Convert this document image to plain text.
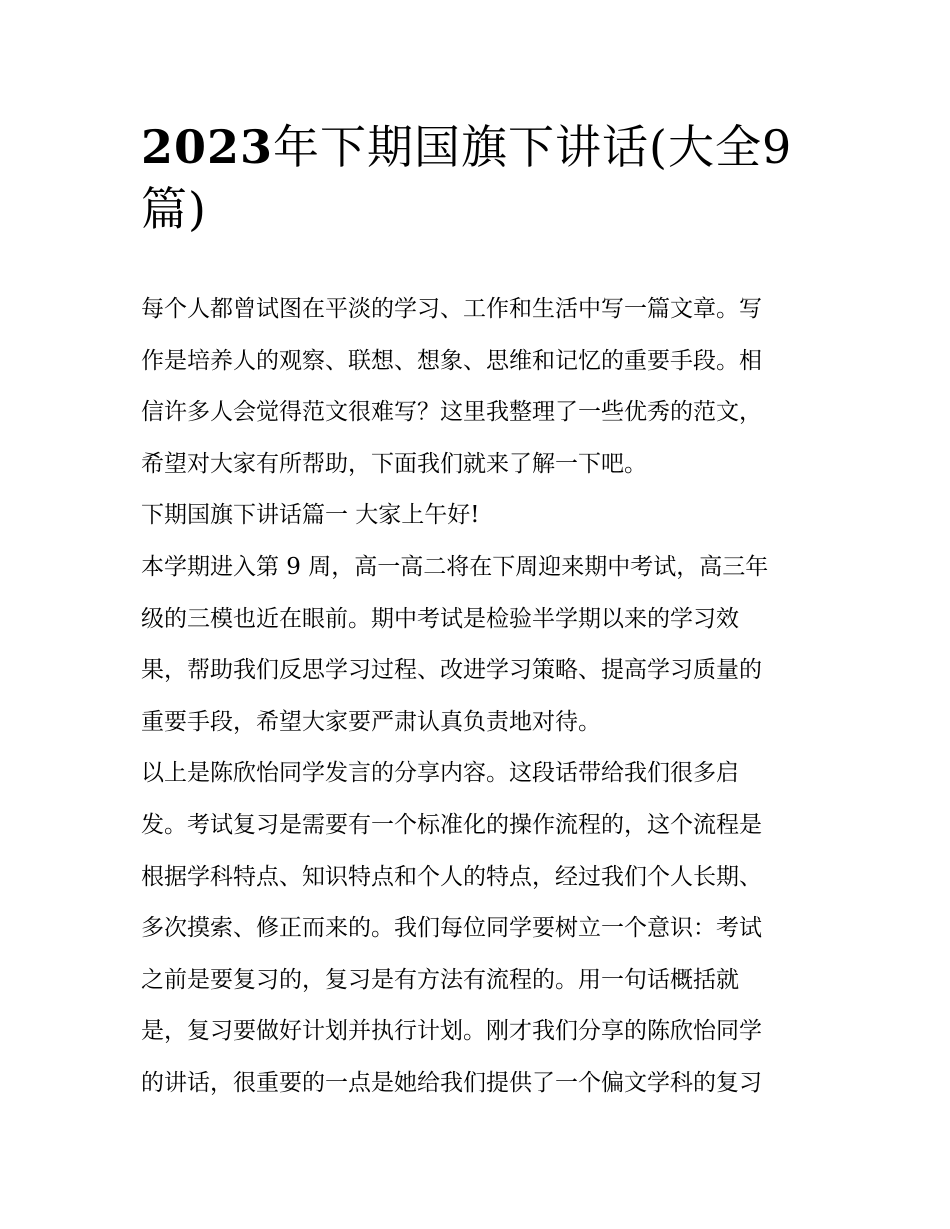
2023年下期国旗下讲话(大全9篇)
每个人都曾试图在平淡的学习、工作和生活中写一篇文章。写
作是培养人的观察、联想、想象、思维和记忆的重要手段。相
信许多人会觉得范文很难写？这里我整理了一些优秀的范文，
希望对大家有所帮助，下面我们就来了解一下吧。
下期国旗下讲话篇一 大家上午好!
本学期进入第 9 周，高一高二将在下周迎来期中考试，高三年
级的三模也近在眼前。期中考试是检验半学期以来的学习效
果，帮助我们反思学习过程、改进学习策略、提高学习质量的
重要手段，希望大家要严肃认真负责地对待。
以上是陈欣怡同学发言的分享内容。这段话带给我们很多启
发。考试复习是需要有一个标准化的操作流程的，这个流程是
根据学科特点、知识特点和个人的特点，经过我们个人长期、
多次摸索、修正而来的。我们每位同学要树立一个意识：考试
之前是要复习的，复习是有方法有流程的。用一句话概括就
是，复习要做好计划并执行计划。刚才我们分享的陈欣怡同学
的讲话，很重要的一点是她给我们提供了一个偏文学科的复习
